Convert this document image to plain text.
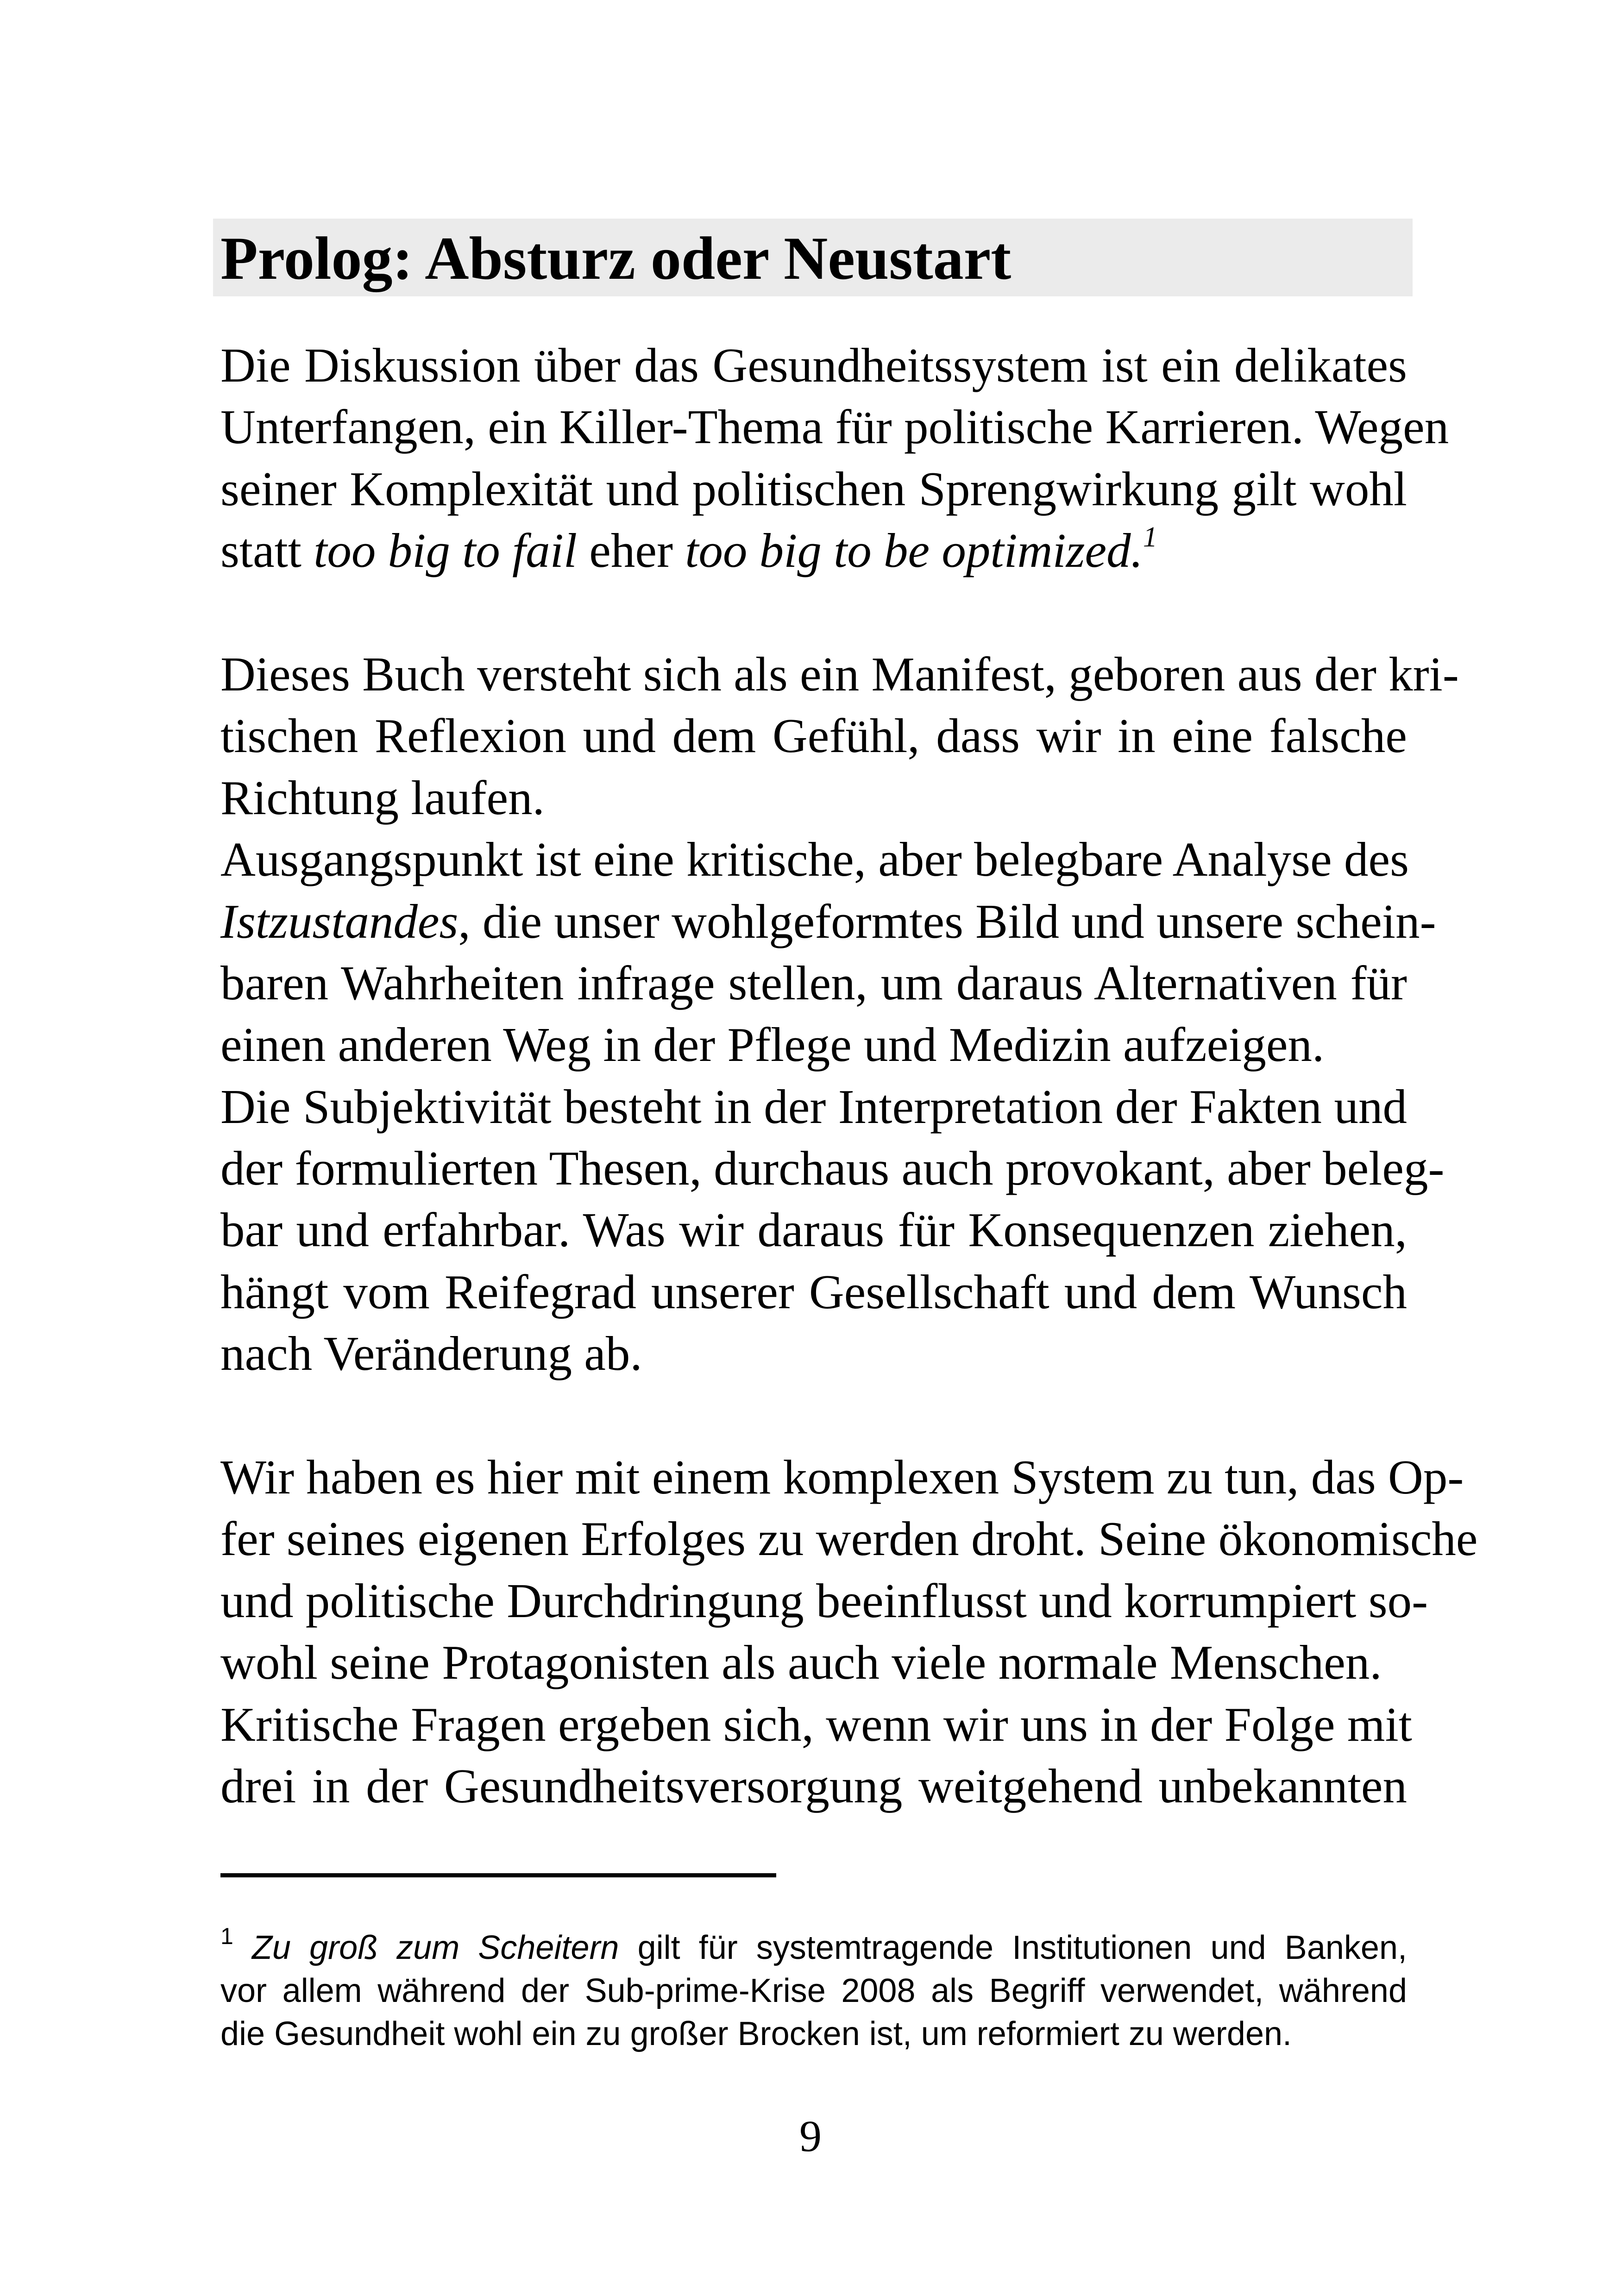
Prolog: Absturz oder Neustart
Die Diskussion über das Gesundheitssystem ist ein delikates
Unterfangen, ein Killer-Thema für politische Karrieren. Wegen
seiner Komplexität und politischen Sprengwirkung gilt wohl
statt too big to fail eher too big to be optimized.$^1$
Dieses Buch versteht sich als ein Manifest, geboren aus der kri-
tischen Reflexion und dem Gefühl, dass wir in eine falsche
Richtung laufen.
Ausgangspunkt ist eine kritische, aber belegbare Analyse des
Istzustandes, die unser wohlgeformtes Bild und unsere schein-
baren Wahrheiten infrage stellen, um daraus Alternativen für
einen anderen Weg in der Pflege und Medizin aufzeigen.
Die Subjektivität besteht in der Interpretation der Fakten und
der formulierten Thesen, durchaus auch provokant, aber beleg-
bar und erfahrbar. Was wir daraus für Konsequenzen ziehen,
hängt vom Reifegrad unserer Gesellschaft und dem Wunsch
nach Veränderung ab.
Wir haben es hier mit einem komplexen System zu tun, das Op-
fer seines eigenen Erfolges zu werden droht. Seine ökonomische
und politische Durchdringung beeinflusst und korrumpiert so-
wohl seine Protagonisten als auch viele normale Menschen.
Kritische Fragen ergeben sich, wenn wir uns in der Folge mit
drei in der Gesundheitsversorgung weitgehend unbekannten
$^1$ Zu groß zum Scheitern gilt für systemtragende Institutionen und Banken,
vor allem während der Sub-prime-Krise 2008 als Begriff verwendet, während
die Gesundheit wohl ein zu großer Brocken ist, um reformiert zu werden.
9
